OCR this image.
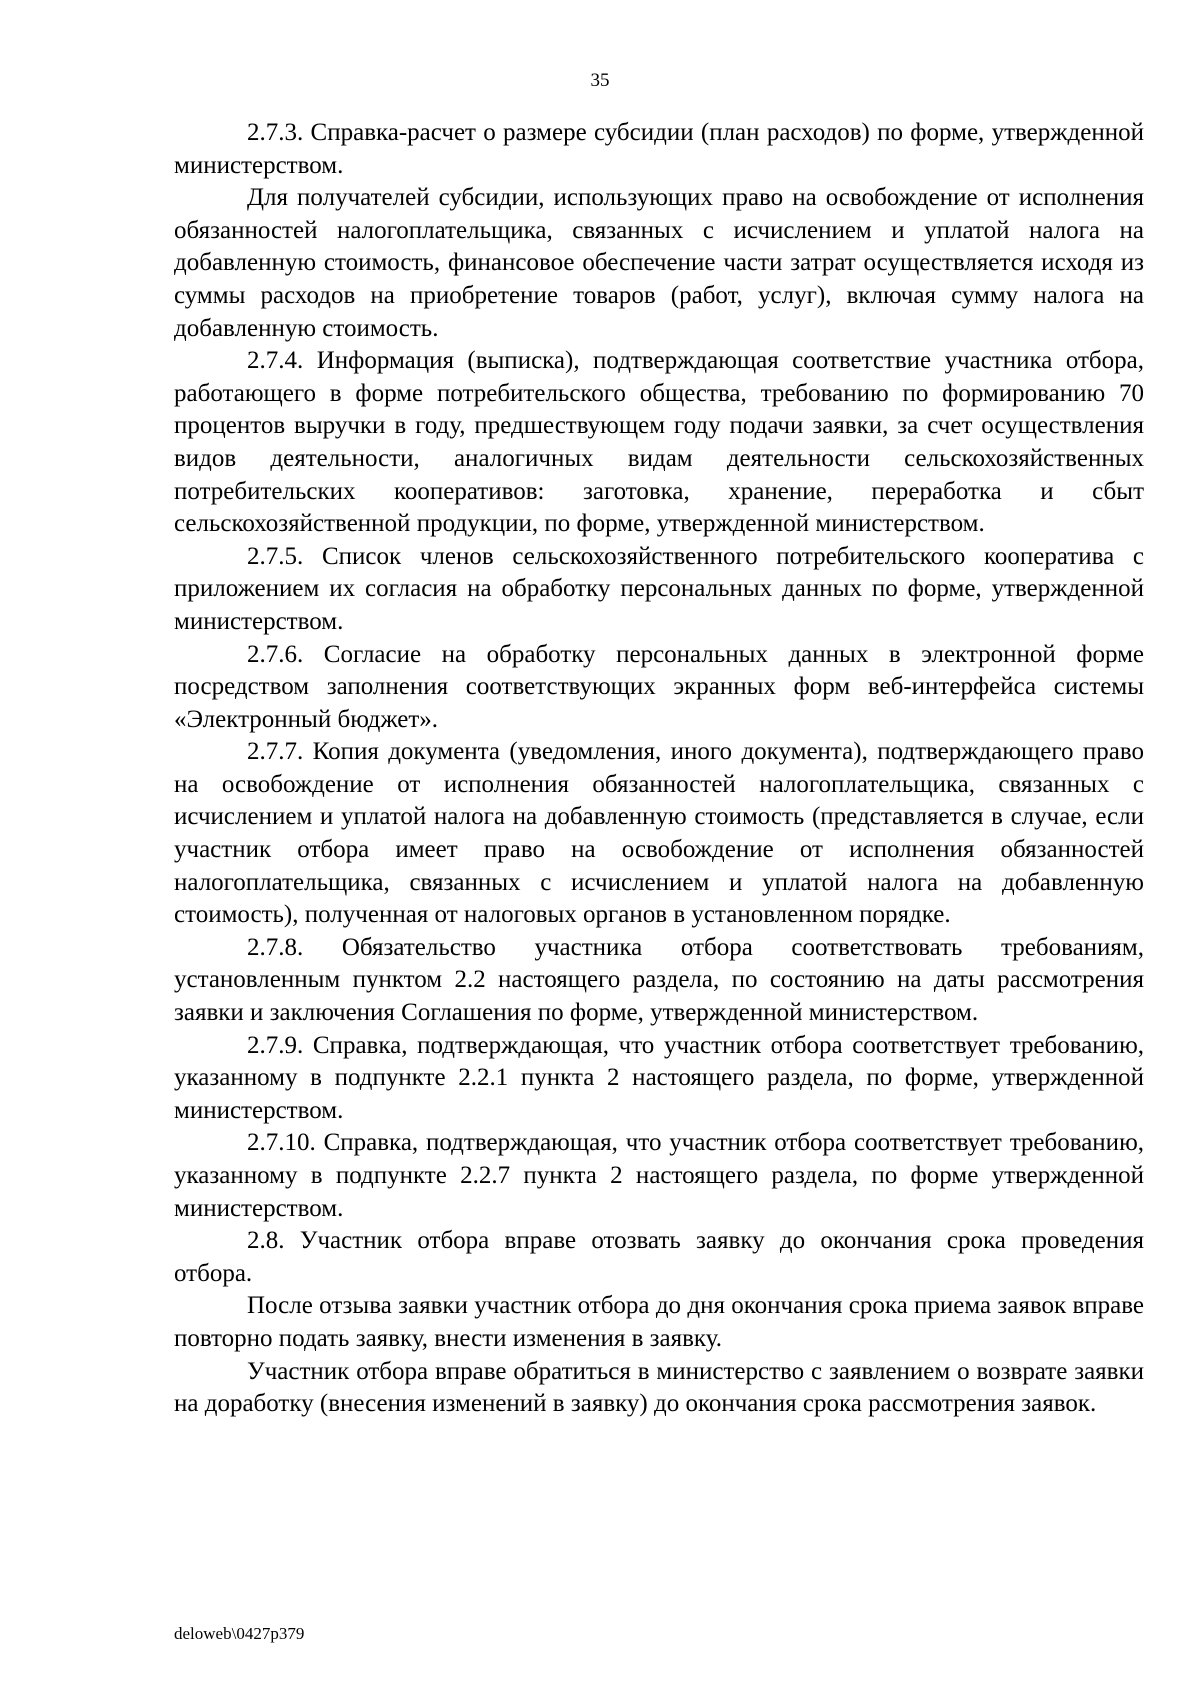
35

2.7.3. Справка-расчет о размере субсидии (план расходов) по форме, утвержденной министерством.

Для получателей субсидии, использующих право на освобождение от исполнения обязанностей налогоплательщика, связанных с исчислением и уплатой налога на добавленную стоимость, финансовое обеспечение части затрат осуществляется исходя из суммы расходов на приобретение товаров (работ, услуг), включая сумму налога на добавленную стоимость.

2.7.4. Информация (выписка), подтверждающая соответствие участника отбора, работающего в форме потребительского общества, требованию по формированию 70 процентов выручки в году, предшествующем году подачи заявки, за счет осуществления видов деятельности, аналогичных видам деятельности сельскохозяйственных потребительских кооперативов: заготовка, хранение, переработка и сбыт сельскохозяйственной продукции, по форме, утвержденной министерством.

2.7.5. Список членов сельскохозяйственного потребительского кооператива с приложением их согласия на обработку персональных данных по форме, утвержденной министерством.

2.7.6. Согласие на обработку персональных данных в электронной форме посредством заполнения соответствующих экранных форм веб-интерфейса системы «Электронный бюджет».

2.7.7. Копия документа (уведомления, иного документа), подтверждающего право на освобождение от исполнения обязанностей налогоплательщика, связанных с исчислением и уплатой налога на добавленную стоимость (представляется в случае, если участник отбора имеет право на освобождение от исполнения обязанностей налогоплательщика, связанных с исчислением и уплатой налога на добавленную стоимость), полученная от налоговых органов в установленном порядке.

2.7.8. Обязательство участника отбора соответствовать требованиям, установленным пунктом 2.2 настоящего раздела, по состоянию на даты рассмотрения заявки и заключения Соглашения по форме, утвержденной министерством.

2.7.9. Справка, подтверждающая, что участник отбора соответствует требованию, указанному в подпункте 2.2.1 пункта 2 настоящего раздела, по форме, утвержденной министерством.

2.7.10. Справка, подтверждающая, что участник отбора соответствует требованию, указанному в подпункте 2.2.7 пункта 2 настоящего раздела, по форме утвержденной министерством.

2.8. Участник отбора вправе отозвать заявку до окончания срока проведения отбора.

После отзыва заявки участник отбора до дня окончания срока приема заявок вправе повторно подать заявку, внести изменения в заявку.

Участник отбора вправе обратиться в министерство с заявлением о возврате заявки на доработку (внесения изменений в заявку) до окончания срока рассмотрения заявок.

deloweb\0427p379
